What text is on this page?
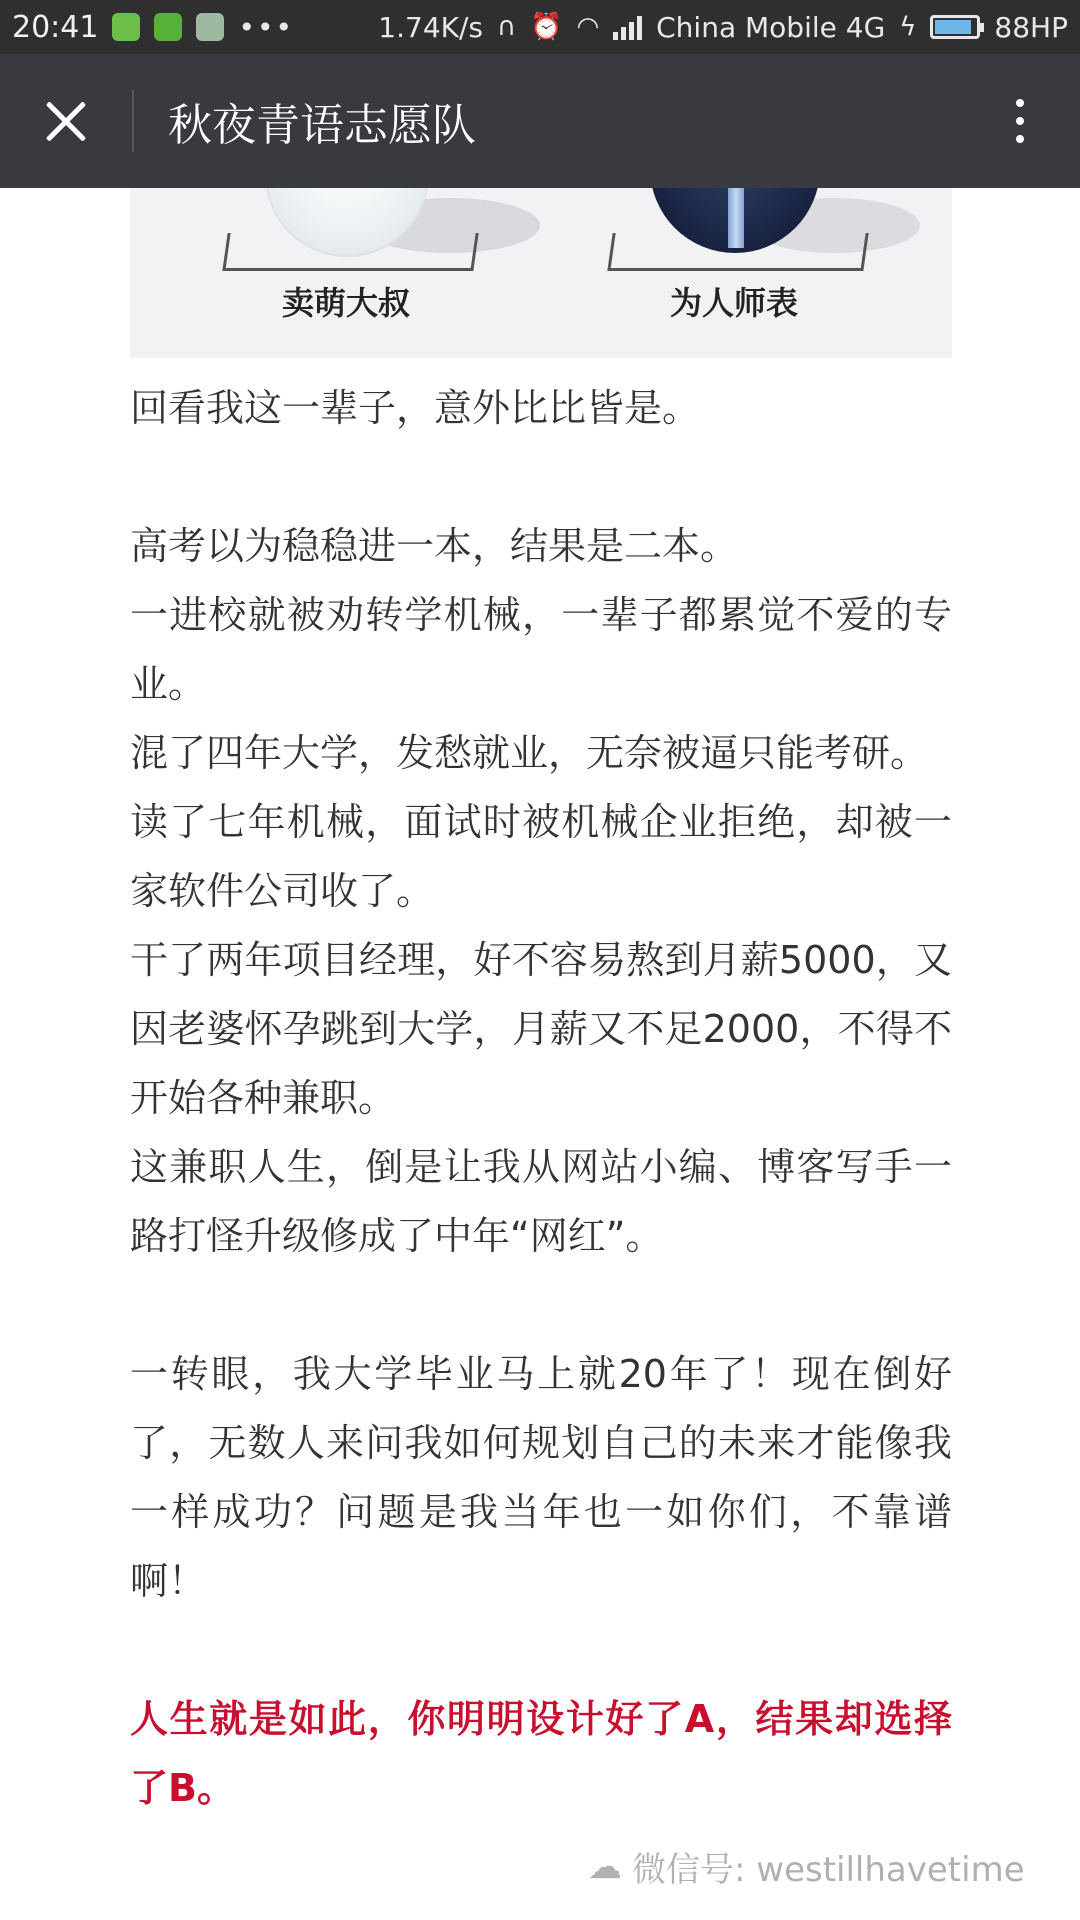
20:41	•••	1.74K/s ∩ ⏰ ◠ China Mobile 4G ϟ	88HP
秋夜青语志愿队
卖萌大叔	为人师表

回看我这一辈子，意外比比皆是。

高考以为稳稳进一本，结果是二本。

一进校就被劝转学机械，一辈子都累觉不爱的专业。

混了四年大学，发愁就业，无奈被逼只能考研。

读了七年机械，面试时被机械企业拒绝，却被一家软件公司收了。

干了两年项目经理，好不容易熬到月薪5000，又因老婆怀孕跳到大学，月薪又不足2000，不得不开始各种兼职。

这兼职人生，倒是让我从网站小编、博客写手一路打怪升级修成了中年“网红”。

一转眼，我大学毕业马上就20年了！现在倒好了，无数人来问我如何规划自己的未来才能像我一样成功？问题是我当年也一如你们，不靠谱啊！

人生就是如此，你明明设计好了A，结果却选择了B。

☁ 微信号: westillhavetime
